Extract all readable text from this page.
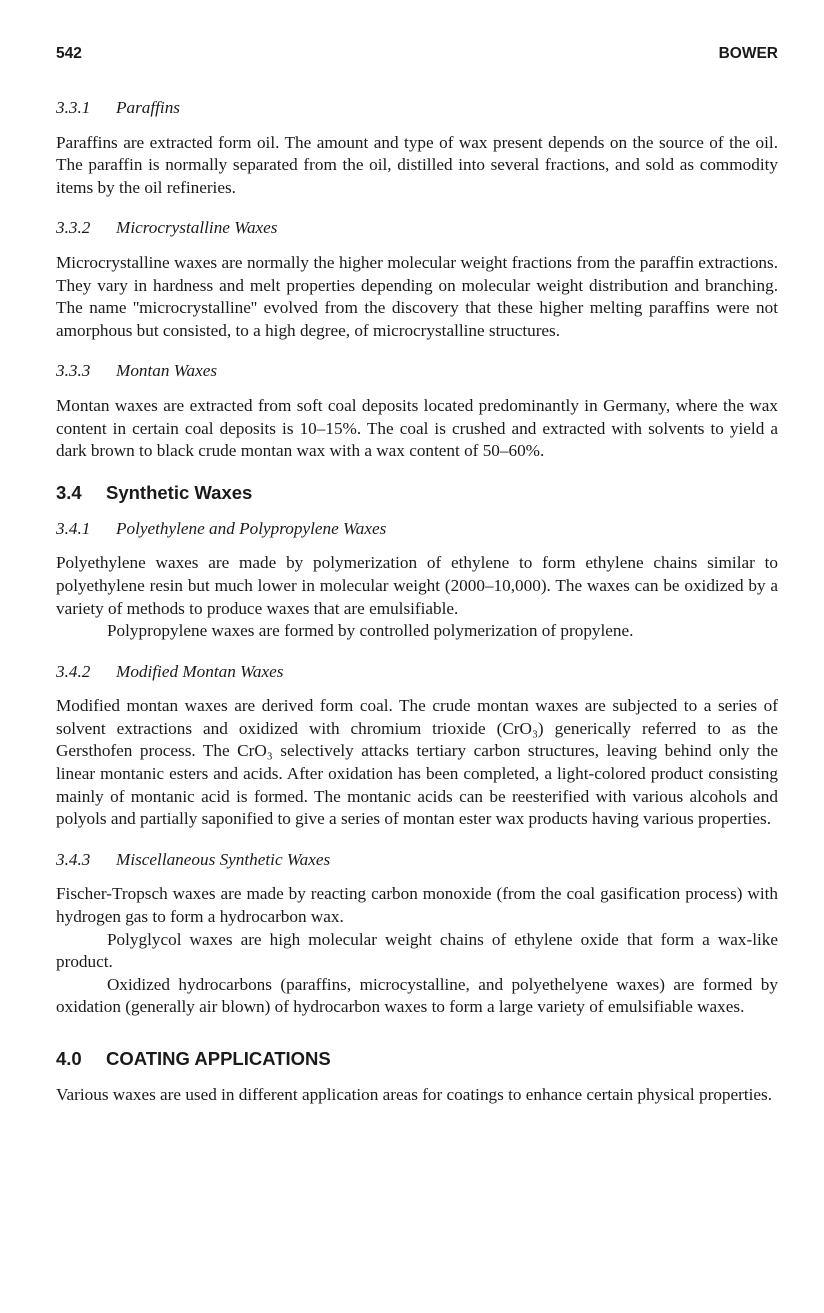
542	BOWER
3.3.1 Paraffins

Paraffins are extracted form oil. The amount and type of wax present depends on the source of the oil. The paraffin is normally separated from the oil, distilled into several fractions, and sold as commodity items by the oil refineries.

3.3.2 Microcrystalline Waxes

Microcrystalline waxes are normally the higher molecular weight fractions from the paraffin extractions. They vary in hardness and melt properties depending on molecular weight distribution and branching. The name ''microcrystalline'' evolved from the discovery that these higher melting paraffins were not amorphous but consisted, to a high degree, of microcrystalline structures.

3.3.3 Montan Waxes

Montan waxes are extracted from soft coal deposits located predominantly in Germany, where the wax content in certain coal deposits is 10–15%. The coal is crushed and extracted with solvents to yield a dark brown to black crude montan wax with a wax content of 50–60%.

3.4 Synthetic Waxes
3.4.1 Polyethylene and Polypropylene Waxes

Polyethylene waxes are made by polymerization of ethylene to form ethylene chains similar to polyethylene resin but much lower in molecular weight (2000–10,000). The waxes can be oxidized by a variety of methods to produce waxes that are emulsifiable.

Polypropylene waxes are formed by controlled polymerization of propylene.

3.4.2 Modified Montan Waxes

Modified montan waxes are derived form coal. The crude montan waxes are subjected to a series of solvent extractions and oxidized with chromium trioxide (CrO₃) generically referred to as the Gersthofen process. The CrO₃ selectively attacks tertiary carbon structures, leaving behind only the linear montanic esters and acids. After oxidation has been completed, a light-colored product consisting mainly of montanic acid is formed. The montanic acids can be reesterified with various alcohols and polyols and partially saponified to give a series of montan ester wax products having various properties.

3.4.3 Miscellaneous Synthetic Waxes

Fischer-Tropsch waxes are made by reacting carbon monoxide (from the coal gasification process) with hydrogen gas to form a hydrocarbon wax.

Polyglycol waxes are high molecular weight chains of ethylene oxide that form a wax-like product.

Oxidized hydrocarbons (paraffins, microcystalline, and polyethelyene waxes) are formed by oxidation (generally air blown) of hydrocarbon waxes to form a large variety of emulsifiable waxes.

4.0 COATING APPLICATIONS

Various waxes are used in different application areas for coatings to enhance certain physical properties.
